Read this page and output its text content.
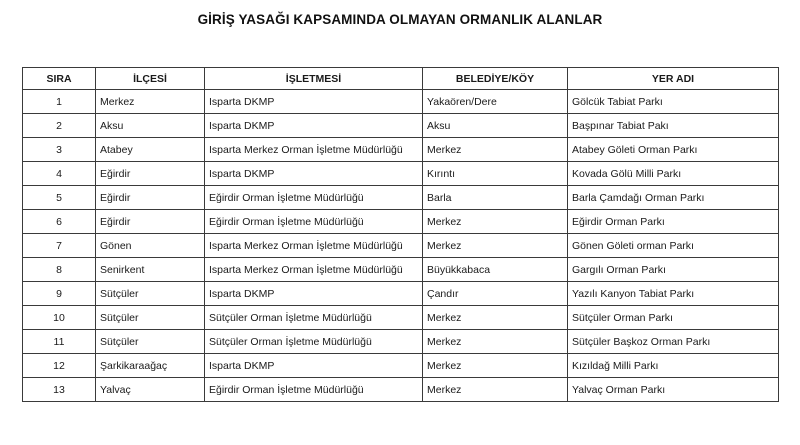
GİRİŞ YASAĞI KAPSAMINDA OLMAYAN ORMANLIK ALANLAR
SIRA	İLÇESİ	İŞLETMESİ	BELEDİYE/KÖY	YER ADI
1	Merkez	Isparta DKMP	Yakaören/Dere	Gölcük Tabiat Parkı
2	Aksu	Isparta DKMP	Aksu	Başpınar Tabiat Pakı
3	Atabey	Isparta Merkez Orman İşletme Müdürlüğü	Merkez	Atabey Göleti Orman Parkı
4	Eğirdir	Isparta DKMP	Kırıntı	Kovada Gölü Milli Parkı
5	Eğirdir	Eğirdir Orman İşletme Müdürlüğü	Barla	Barla Çamdağı Orman Parkı
6	Eğirdir	Eğirdir Orman İşletme Müdürlüğü	Merkez	Eğirdir Orman Parkı
7	Gönen	Isparta Merkez Orman İşletme Müdürlüğü	Merkez	Gönen Göleti orman Parkı
8	Senirkent	Isparta Merkez Orman İşletme Müdürlüğü	Büyükkabaca	Gargılı Orman Parkı
9	Sütçüler	Isparta DKMP	Çandır	Yazılı Kanyon Tabiat Parkı
10	Sütçüler	Sütçüler Orman İşletme Müdürlüğü	Merkez	Sütçüler Orman Parkı
11	Sütçüler	Sütçüler Orman İşletme Müdürlüğü	Merkez	Sütçüler Başkoz Orman Parkı
12	Şarkikaraağaç	Isparta DKMP	Merkez	Kızıldağ Milli Parkı
13	Yalvaç	Eğirdir Orman İşletme Müdürlüğü	Merkez	Yalvaç Orman Parkı
